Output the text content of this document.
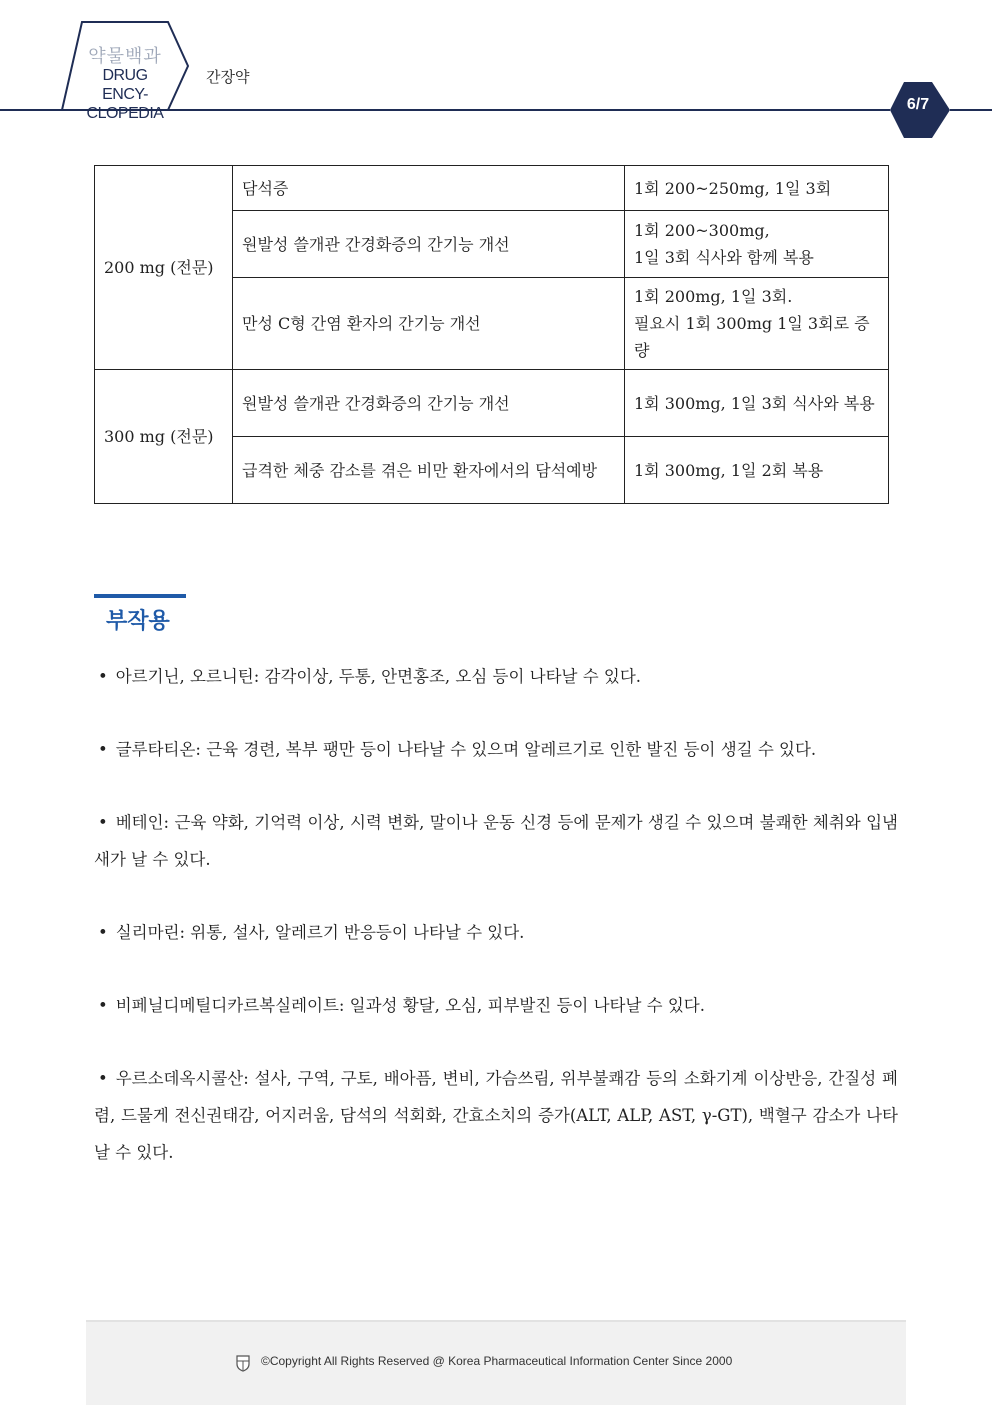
약물백과
DRUG ENCY-
CLOPEDIA
간장약
6/7
200 mg (전문)	담석증	1회 200~250mg, 1일 3회
	원발성 쓸개관 간경화증의 간기능 개선	1회 200~300mg,
1일 3회 식사와 함께 복용
	만성 C형 간염 환자의 간기능 개선	1회 200mg, 1일 3회.
필요시 1회 300mg 1일 3회로 증량
300 mg (전문)	원발성 쓸개관 간경화증의 간기능 개선	1회 300mg, 1일 3회 식사와 복용
	급격한 체중 감소를 겪은 비만 환자에서의 담석예방	1회 300mg, 1일 2회 복용
부작용
• 아르기닌, 오르니틴: 감각이상, 두통, 안면홍조, 오심 등이 나타날 수 있다.
• 글루타티온: 근육 경련, 복부 팽만 등이 나타날 수 있으며 알레르기로 인한 발진 등이 생길 수 있다.
• 베테인: 근육 약화, 기억력 이상, 시력 변화, 말이나 운동 신경 등에 문제가 생길 수 있으며 불쾌한 체취와 입냄새가 날 수 있다.
• 실리마린: 위통, 설사, 알레르기 반응등이 나타날 수 있다.
• 비페닐디메틸디카르복실레이트: 일과성 황달, 오심, 피부발진 등이 나타날 수 있다.
• 우르소데옥시콜산: 설사, 구역, 구토, 배아픔, 변비, 가슴쓰림, 위부불쾌감 등의 소화기계 이상반응, 간질성 폐렴, 드물게 전신권태감, 어지러움, 담석의 석회화, 간효소치의 증가(ALT, ALP, AST, γ-GT), 백혈구 감소가 나타날 수 있다.
©Copyright All Rights Reserved @ Korea Pharmaceutical Information Center Since 2000
